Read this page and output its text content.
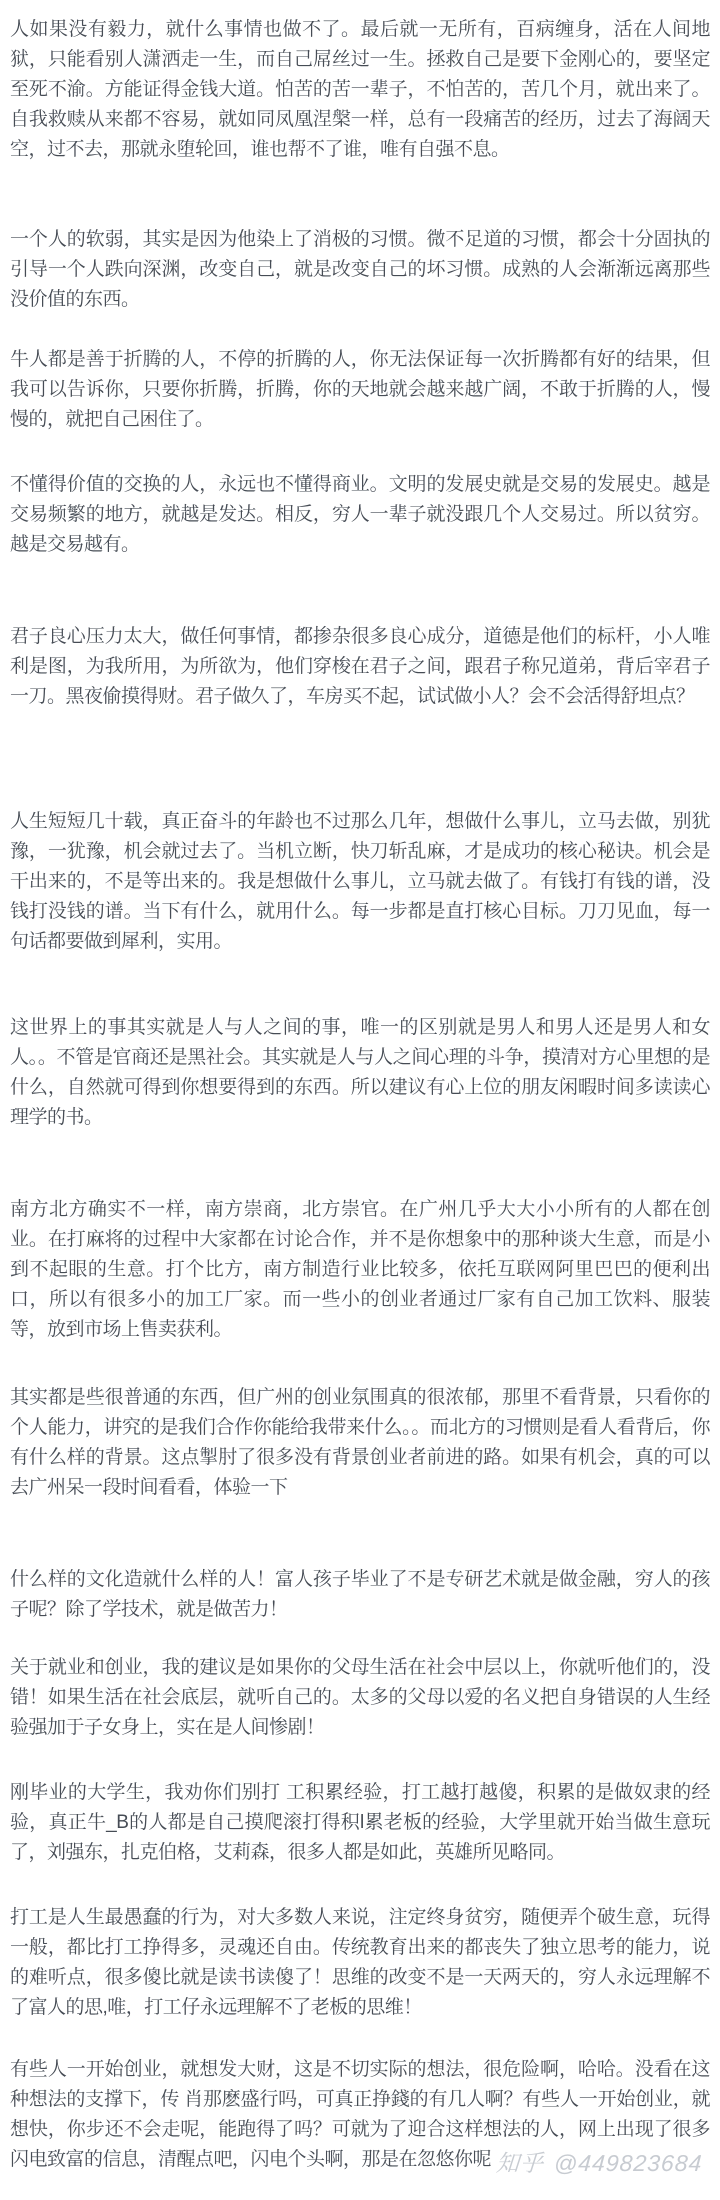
人如果没有毅力，就什么事情也做不了。最后就一无所有，百病缠身，活在人间地狱，只能看别人潇洒走一生，而自己屌丝过一生。拯救自己是要下金刚心的，要坚定至死不渝。方能证得金钱大道。怕苦的苦一辈子，不怕苦的，苦几个月，就出来了。自我救赎从来都不容易，就如同凤凰涅槃一样，总有一段痛苦的经历，过去了海阔天空，过不去，那就永堕轮回，谁也帮不了谁，唯有自强不息。

一个人的软弱，其实是因为他染上了消极的习惯。微不足道的习惯，都会十分固执的引导一个人跌向深渊，改变自己，就是改变自己的坏习惯。成熟的人会渐渐远离那些没价值的东西。

牛人都是善于折腾的人，不停的折腾的人，你无法保证每一次折腾都有好的结果，但我可以告诉你，只要你折腾，折腾，你的天地就会越来越广阔，不敢于折腾的人，慢慢的，就把自己困住了。

不懂得价值的交换的人，永远也不懂得商业。文明的发展史就是交易的发展史。越是交易频繁的地方，就越是发达。相反，穷人一辈子就没跟几个人交易过。所以贫穷。越是交易越有。

君子良心压力太大，做任何事情，都掺杂很多良心成分，道德是他们的标杆，小人唯利是图，为我所用，为所欲为，他们穿梭在君子之间，跟君子称兄道弟，背后宰君子一刀。黑夜偷摸得财。君子做久了，车房买不起，试试做小人？会不会活得舒坦点？

人生短短几十载，真正奋斗的年龄也不过那么几年，想做什么事儿，立马去做，别犹豫，一犹豫，机会就过去了。当机立断，快刀斩乱麻，才是成功的核心秘诀。机会是干出来的，不是等出来的。我是想做什么事儿，立马就去做了。有钱打有钱的谱，没钱打没钱的谱。当下有什么，就用什么。每一步都是直打核心目标。刀刀见血，每一句话都要做到犀利，实用。

这世界上的事其实就是人与人之间的事，唯一的区别就是男人和男人还是男人和女人。。不管是官商还是黑社会。其实就是人与人之间心理的斗争，摸清对方心里想的是什么，自然就可得到你想要得到的东西。所以建议有心上位的朋友闲暇时间多读读心理学的书。

南方北方确实不一样，南方崇商，北方崇官。在广州几乎大大小小所有的人都在创业。在打麻将的过程中大家都在讨论合作，并不是你想象中的那种谈大生意，而是小到不起眼的生意。打个比方，南方制造行业比较多，依托互联网阿里巴巴的便利出口，所以有很多小的加工厂家。而一些小的创业者通过厂家有自己加工饮料、服装等，放到市场上售卖获利。

其实都是些很普通的东西，但广州的创业氛围真的很浓郁，那里不看背景，只看你的个人能力，讲究的是我们合作你能给我带来什么。。而北方的习惯则是看人看背后，你有什么样的背景。这点掣肘了很多没有背景创业者前进的路。如果有机会，真的可以去广州呆一段时间看看，体验一下

什么样的文化造就什么样的人！富人孩子毕业了不是专研艺术就是做金融，穷人的孩子呢？除了学技术，就是做苦力！

关于就业和创业，我的建议是如果你的父母生活在社会中层以上，你就听他们的，没错！如果生活在社会底层，就听自己的。太多的父母以爱的名义把自身错误的人生经验强加于子女身上，实在是人间惨剧！

刚毕业的大学生，我劝你们别打 工积累经验，打工越打越傻，积累的是做奴隶的经验，真正牛_B的人都是自己摸爬滚打得积l累老板的经验，大学里就开始当做生意玩了，刘强东，扎克伯格，艾莉森，很多人都是如此，英雄所见略同。

打工是人生最愚蠢的行为，对大多数人来说，注定终身贫穷，随便弄个破生意，玩得一般，都比打工挣得多，灵魂还自由。传统教育出来的都丧失了独立思考的能力，说的难听点，很多傻比就是读书读傻了！思维的改变不是一天两天的，穷人永远理解不了富人的思,唯，打工仔永远理解不了老板的思维！

有些人一开始创业，就想发大财，这是不切实际的想法，很危险啊，哈哈。没看在这种想法的支撑下，传 肖那麽盛行吗，可真正挣錢的有几人啊？有些人一开始创业，就想快，你步还不会走呢，能跑得了吗？可就为了迎合这样想法的人，网上出现了很多闪电致富的信息，清醒点吧，闪电个头啊，那是在忽悠你呢 知乎 @449823684
